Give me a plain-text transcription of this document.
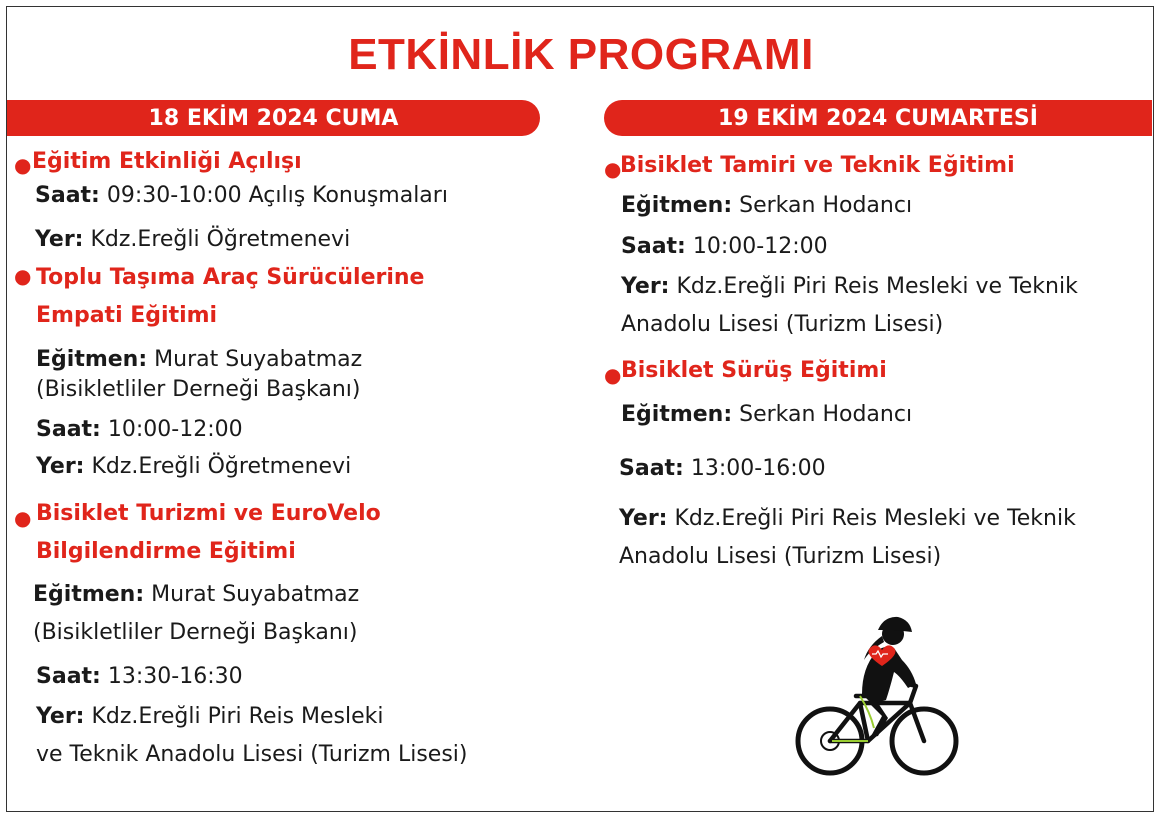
ETKİNLİK PROGRAMI
18 EKİM 2024 CUMA
● Eğitim Etkinliği Açılışı

Saat: 09:30-10:00 Açılış Konuşmaları
Yer: Kdz.Ereğli Öğretmenevi
● Toplu Taşıma Araç Sürücülerine

Empati Eğitimi

Eğitmen: Murat Suyabatmaz
(Bisikletliler Derneği Başkanı)
Saat: 10:00-12:00
Yer: Kdz.Ereğli Öğretmenevi
● Bisiklet Turizmi ve EuroVelo

Bilgilendirme Eğitimi

Eğitmen: Murat Suyabatmaz
(Bisikletliler Derneği Başkanı)
Saat: 13:30-16:30
Yer: Kdz.Ereğli Piri Reis Mesleki
ve Teknik Anadolu Lisesi (Turizm Lisesi)
19 EKİM 2024 CUMARTESİ
●

Bisiklet Tamiri ve Teknik Eğitimi

Eğitmen: Serkan Hodancı
Saat: 10:00-12:00
Yer: Kdz.Ereğli Piri Reis Mesleki ve Teknik
Anadolu Lisesi (Turizm Lisesi)
● Bisiklet Sürüş Eğitimi

Eğitmen: Serkan Hodancı
Saat: 13:00-16:00
Yer: Kdz.Ereğli Piri Reis Mesleki ve Teknik
Anadolu Lisesi (Turizm Lisesi)
